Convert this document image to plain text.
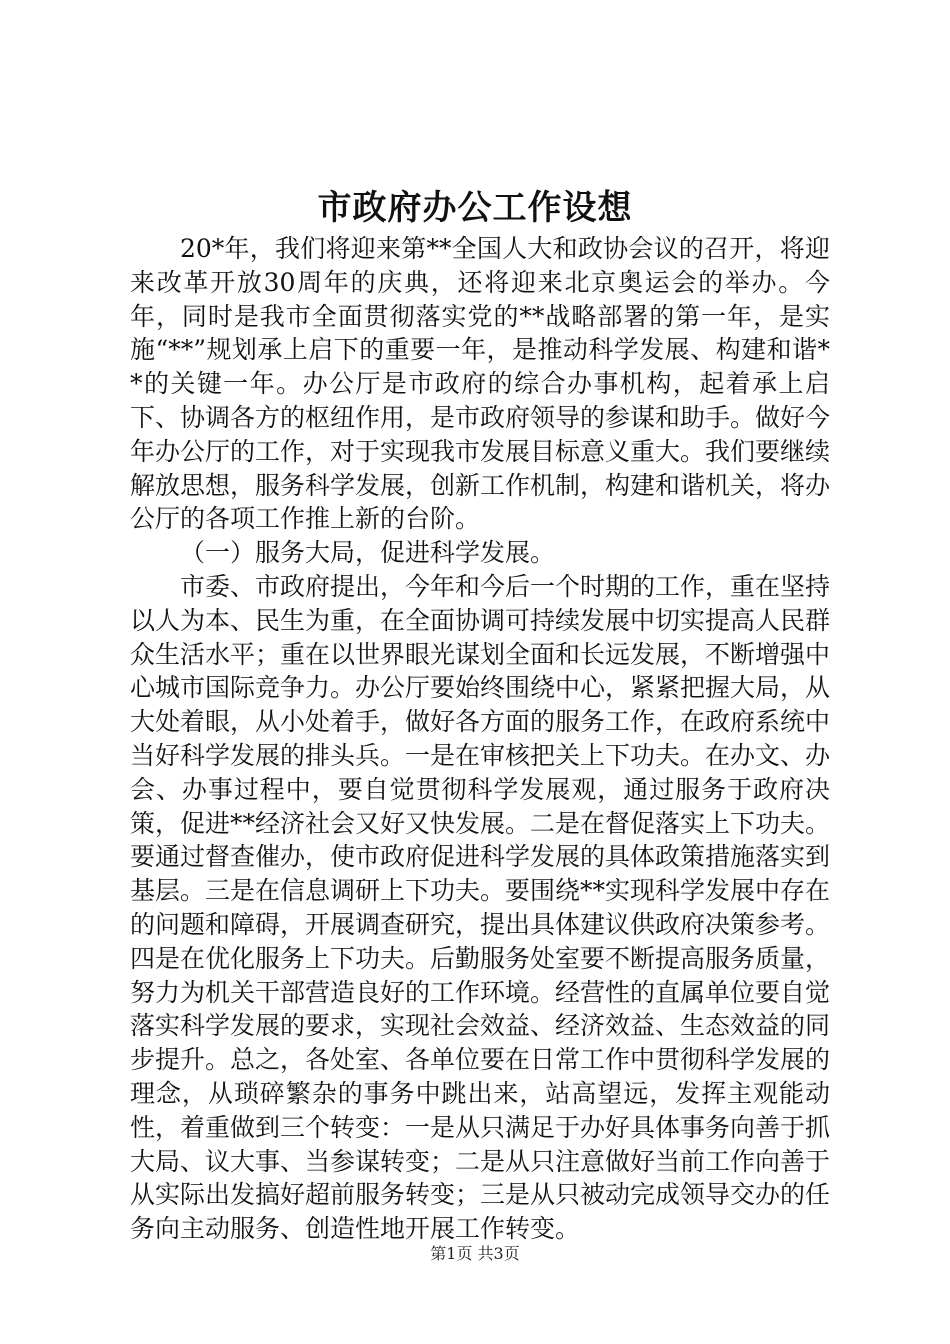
市政府办公工作设想

20*年，我们将迎来第**全国人大和政协会议的召开，将迎来改革开放30周年的庆典，还将迎来北京奥运会的举办。今年，同时是我市全面贯彻落实党的**战略部署的第一年，是实施“**”规划承上启下的重要一年，是推动科学发展、构建和谐**的关键一年。办公厅是市政府的综合办事机构，起着承上启下、协调各方的枢纽作用，是市政府领导的参谋和助手。做好今年办公厅的工作，对于实现我市发展目标意义重大。我们要继续解放思想，服务科学发展，创新工作机制，构建和谐机关，将办公厅的各项工作推上新的台阶。

（一）服务大局，促进科学发展。

市委、市政府提出，今年和今后一个时期的工作，重在坚持以人为本、民生为重，在全面协调可持续发展中切实提高人民群众生活水平；重在以世界眼光谋划全面和长远发展，不断增强中心城市国际竞争力。办公厅要始终围绕中心，紧紧把握大局，从大处着眼，从小处着手，做好各方面的服务工作，在政府系统中当好科学发展的排头兵。一是在审核把关上下功夫。在办文、办会、办事过程中，要自觉贯彻科学发展观，通过服务于政府决策，促进**经济社会又好又快发展。二是在督促落实上下功夫。要通过督查催办，使市政府促进科学发展的具体政策措施落实到基层。三是在信息调研上下功夫。要围绕**实现科学发展中存在的问题和障碍，开展调查研究，提出具体建议供政府决策参考。四是在优化服务上下功夫。后勤服务处室要不断提高服务质量，努力为机关干部营造良好的工作环境。经营性的直属单位要自觉落实科学发展的要求，实现社会效益、经济效益、生态效益的同步提升。总之，各处室、各单位要在日常工作中贯彻科学发展的理念，从琐碎繁杂的事务中跳出来，站高望远，发挥主观能动性，着重做到三个转变：一是从只满足于办好具体事务向善于抓大局、议大事、当参谋转变；二是从只注意做好当前工作向善于从实际出发搞好超前服务转变；三是从只被动完成领导交办的任务向主动服务、创造性地开展工作转变。

第1页 共3页
